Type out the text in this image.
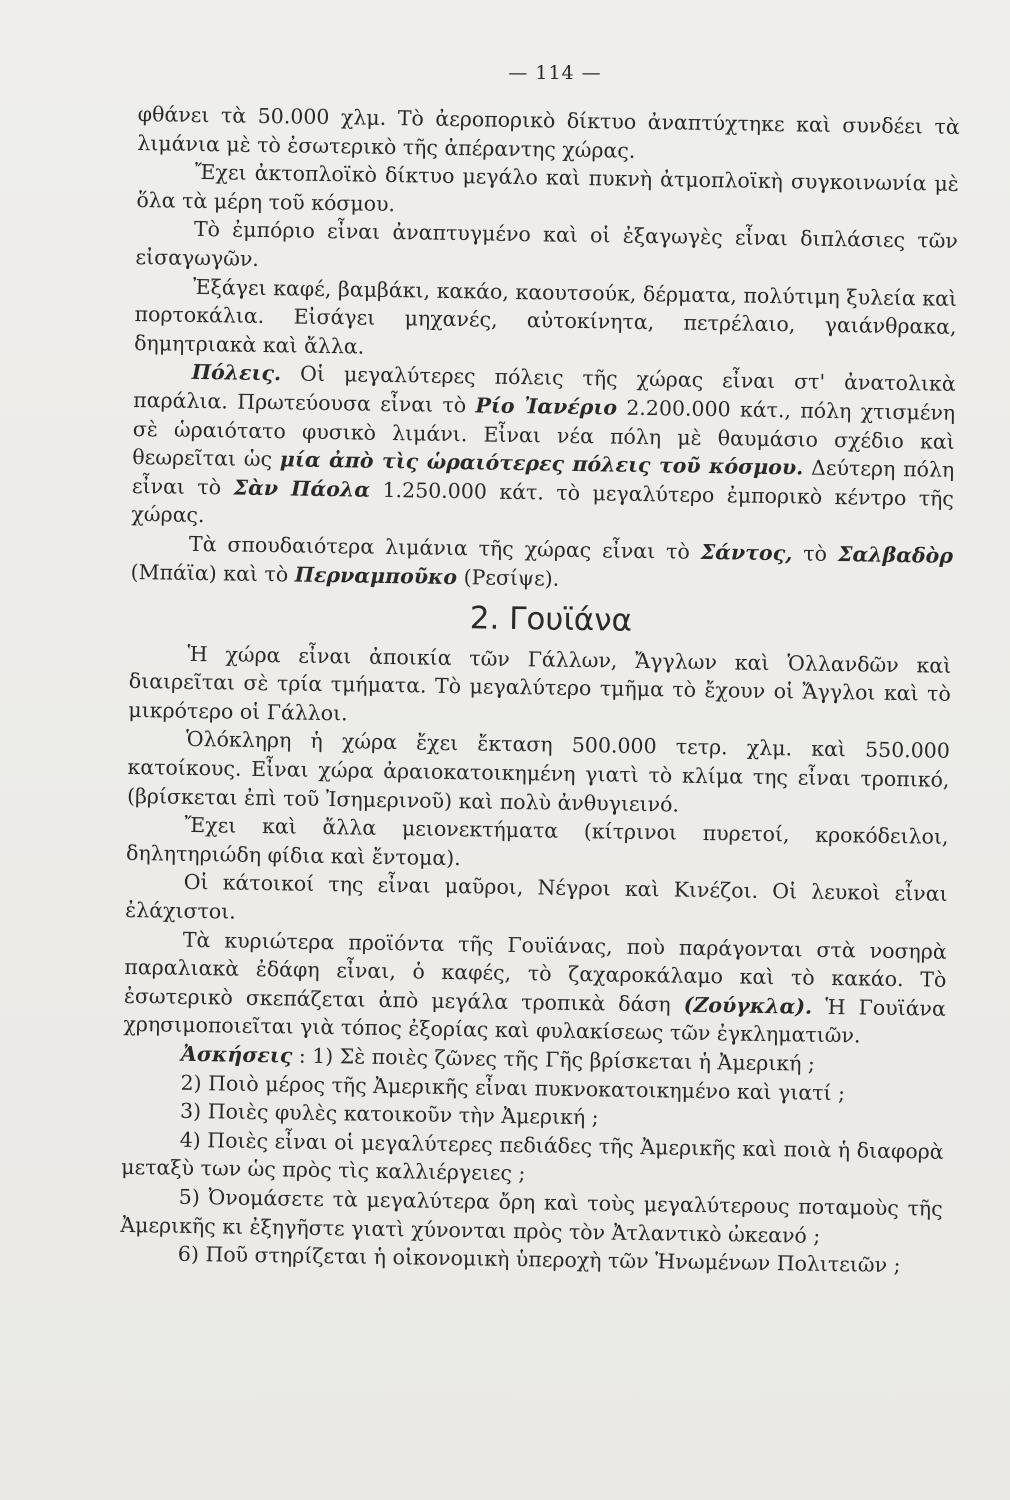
— 114 —

φθάνει τὰ 50.000 χλμ. Τὸ ἀεροπορικὸ δίκτυο ἀναπτύχτηκε καὶ συνδέει τὰ λιμάνια μὲ τὸ ἐσωτερικὸ τῆς ἀπέραντης χώρας.

Ἔχει ἀκτοπλοϊκὸ δίκτυο μεγάλο καὶ πυκνὴ ἀτμοπλοϊκὴ συγκοινωνία μὲ ὅλα τὰ μέρη τοῦ κόσμου.

Τὸ ἐμπόριο εἶναι ἀναπτυγμένο καὶ οἱ ἐξαγωγὲς εἶναι διπλάσιες τῶν εἰσαγωγῶν.

Ἐξάγει καφέ, βαμβάκι, κακάο, καουτσούκ, δέρματα, πολύτιμη ξυλεία καὶ πορτοκάλια. Εἰσάγει μηχανές, αὐτοκίνητα, πετρέλαιο, γαιάνθρακα, δημητριακὰ καὶ ἄλλα.

Πόλεις. Οἱ μεγαλύτερες πόλεις τῆς χώρας εἶναι στ' ἀνατολικὰ παράλια. Πρωτεύουσα εἶναι τὸ Ρίο Ἰανέριο 2.200.000 κάτ., πόλη χτισμένη σὲ ὡραιότατο φυσικὸ λιμάνι. Εἶναι νέα πόλη μὲ θαυμάσιο σχέδιο καὶ θεωρεῖται ὡς μία ἀπὸ τὶς ὡραιότερες πόλεις τοῦ κόσμου. Δεύτερη πόλη εἶναι τὸ Σὰν Πάολα 1.250.000 κάτ. τὸ μεγαλύτερο ἐμπορικὸ κέντρο τῆς χώρας.

Τὰ σπουδαιότερα λιμάνια τῆς χώρας εἶναι τὸ Σάντος, τὸ Σαλβαδὸρ (Μπάϊα) καὶ τὸ Περναμποῦκο (Ρεσίψε).

2. Γουϊάνα

Ἡ χώρα εἶναι ἀποικία τῶν Γάλλων, Ἄγγλων καὶ Ὁλλανδῶν καὶ διαιρεῖται σὲ τρία τμήματα. Τὸ μεγαλύτερο τμῆμα τὸ ἔχουν οἱ Ἄγγλοι καὶ τὸ μικρότερο οἱ Γάλλοι.

Ὁλόκληρη ἡ χώρα ἔχει ἔκταση 500.000 τετρ. χλμ. καὶ 550.000 κατοίκους. Εἶναι χώρα ἀραιοκατοικημένη γιατὶ τὸ κλίμα της εἶναι τροπικό, (βρίσκεται ἐπὶ τοῦ Ἰσημερινοῦ) καὶ πολὺ ἀνθυγιεινό.

Ἔχει καὶ ἄλλα μειονεκτήματα (κίτρινοι πυρετοί, κροκόδειλοι, δηλητηριώδη φίδια καὶ ἔντομα).

Οἱ κάτοικοί της εἶναι μαῦροι, Νέγροι καὶ Κινέζοι. Οἱ λευκοὶ εἶναι ἐλάχιστοι.

Τὰ κυριώτερα προϊόντα τῆς Γουϊάνας, ποὺ παράγονται στὰ νοσηρὰ παραλιακὰ ἐδάφη εἶναι, ὁ καφές, τὸ ζαχαροκάλαμο καὶ τὸ κακάο. Τὸ ἐσωτερικὸ σκεπάζεται ἀπὸ μεγάλα τροπικὰ δάση (Ζούγκλα). Ἡ Γουϊάνα χρησιμοποιεῖται γιὰ τόπος ἐξορίας καὶ φυλακίσεως τῶν ἐγκληματιῶν.

Ἀσκήσεις : 1) Σὲ ποιὲς ζῶνες τῆς Γῆς βρίσκεται ἡ Ἀμερική ;

2) Ποιὸ μέρος τῆς Ἀμερικῆς εἶναι πυκνοκατοικημένο καὶ γιατί ;

3) Ποιὲς φυλὲς κατοικοῦν τὴν Ἀμερική ;

4) Ποιὲς εἶναι οἱ μεγαλύτερες πεδιάδες τῆς Ἀμερικῆς καὶ ποιὰ ἡ διαφορὰ μεταξὺ των ὡς πρὸς τὶς καλλιέργειες ;

5) Ὀνομάσετε τὰ μεγαλύτερα ὄρη καὶ τοὺς μεγαλύτερους ποταμοὺς τῆς Ἀμερικῆς κι ἐξηγῆστε γιατὶ χύνονται πρὸς τὸν Ἀτλαντικὸ ὠκεανό ;

6) Ποῦ στηρίζεται ἡ οἰκονομικὴ ὑπεροχὴ τῶν Ἡνωμένων Πολιτειῶν ;
